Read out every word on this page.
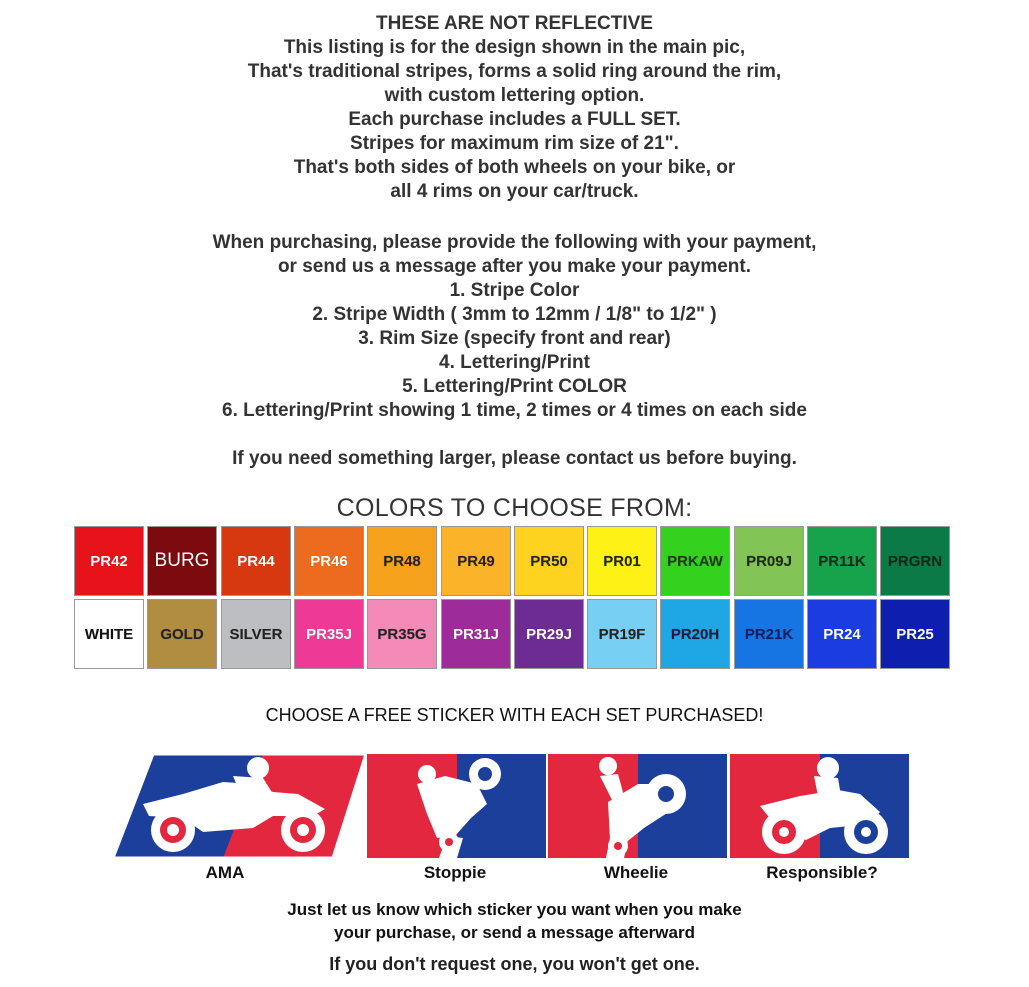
THESE ARE NOT REFLECTIVE
This listing is for the design shown in the main pic,
That's traditional stripes, forms a solid ring around the rim,
with custom lettering option.
Each purchase includes a FULL SET.
Stripes for maximum rim size of 21".
That's both sides of both wheels on your bike, or
all 4 rims on your car/truck.
When purchasing, please provide the following with your payment,
or send us a message after you make your payment.
1. Stripe Color
2. Stripe Width ( 3mm to 12mm / 1/8" to 1/2" )
3. Rim Size (specify front and rear)
4. Lettering/Print
5. Lettering/Print COLOR
6. Lettering/Print showing 1 time, 2 times or 4 times on each side
If you need something larger, please contact us before buying.
COLORS TO CHOOSE FROM:
PR42	BURG	PR44	PR46	PR48	PR49	PR50	PR01	PRKAW	PR09J	PR11K	PRGRN
WHITE	GOLD	SILVER	PR35J	PR35G	PR31J	PR29J	PR19F	PR20H	PR21K	PR24	PR25
CHOOSE A FREE STICKER WITH EACH SET PURCHASED!
AMA	Stoppie	Wheelie	Responsible?
Just let us know which sticker you want when you make
your purchase, or send a message afterward
If you don't request one, you won't get one.
